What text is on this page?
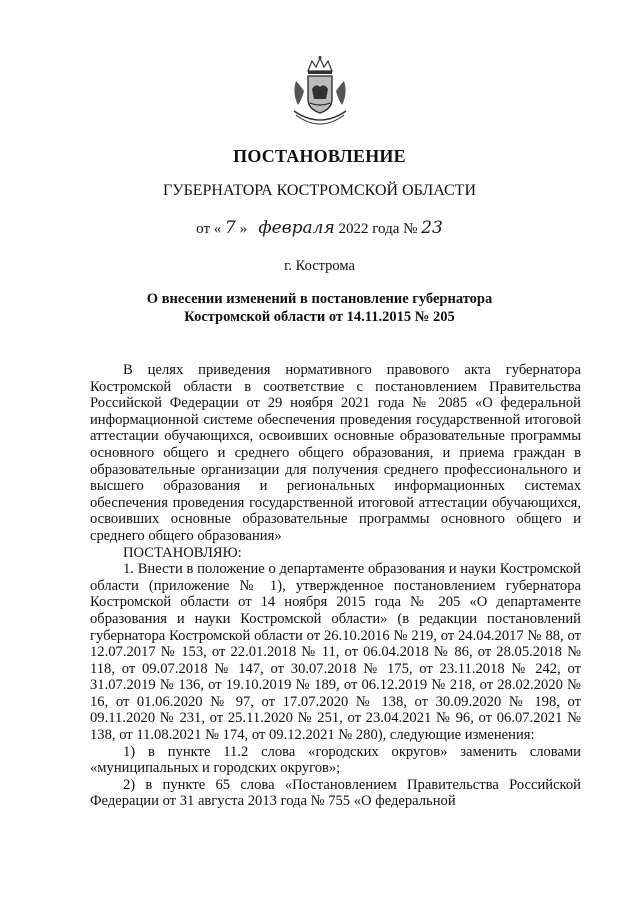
ПОСТАНОВЛЕНИЕ
ГУБЕРНАТОРА КОСТРОМСКОЙ ОБЛАСТИ
от « 7 » февраля 2022 года № 23
г. Кострома
О внесении изменений в постановление губернатора
Костромской области от 14.11.2015 № 205

В целях приведения нормативного правового акта губернатора Костромской области в соответствие с постановлением Правительства Российской Федерации от 29 ноября 2021 года № 2085 «О федеральной информационной системе обеспечения проведения государственной итоговой аттестации обучающихся, освоивших основные образовательные программы основного общего и среднего общего образования, и приема граждан в образовательные организации для получения среднего профессионального и высшего образования и региональных информационных системах обеспечения проведения государственной итоговой аттестации обучающихся, освоивших основные образовательные программы основного общего и среднего общего образования»

ПОСТАНОВЛЯЮ:

1. Внести в положение о департаменте образования и науки Костромской области (приложение № 1), утвержденное постановлением губернатора Костромской области от 14 ноября 2015 года № 205 «О департаменте образования и науки Костромской области» (в редакции постановлений губернатора Костромской области от 26.10.2016 № 219, от 24.04.2017 № 88, от 12.07.2017 № 153, от 22.01.2018 № 11, от 06.04.2018 № 86, от 28.05.2018 № 118, от 09.07.2018 № 147, от 30.07.2018 № 175, от 23.11.2018 № 242, от 31.07.2019 № 136, от 19.10.2019 № 189, от 06.12.2019 № 218, от 28.02.2020 № 16, от 01.06.2020 № 97, от 17.07.2020 № 138, от 30.09.2020 № 198, от 09.11.2020 № 231, от 25.11.2020 № 251, от 23.04.2021 № 96, от 06.07.2021 № 138, от 11.08.2021 № 174, от 09.12.2021 № 280), следующие изменения:

1) в пункте 11.2 слова «городских округов» заменить словами «муниципальных и городских округов»;

2) в пункте 65 слова «Постановлением Правительства Российской Федерации от 31 августа 2013 года № 755 «О федеральной
